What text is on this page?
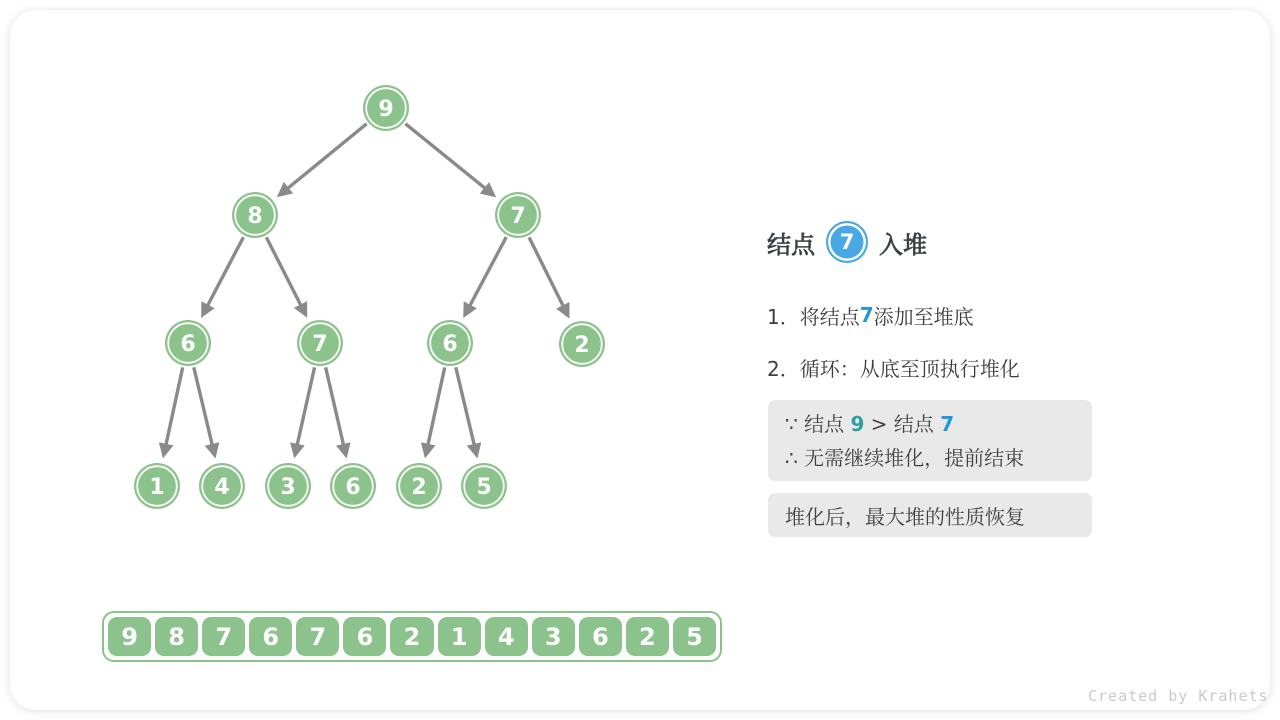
9
8	7
6	7	6	2
1 4 3 6 2 5
结点 7 入堆
1．将结点 7 添加至堆底
2．循环：从底至顶执行堆化
∵ 结点 9 > 结点 7
∴ 无需继续堆化，提前结束
堆化后，最大堆的性质恢复
9	8	7	6	7	6	2	1	4	3	6	2	5
Created by Krahets
